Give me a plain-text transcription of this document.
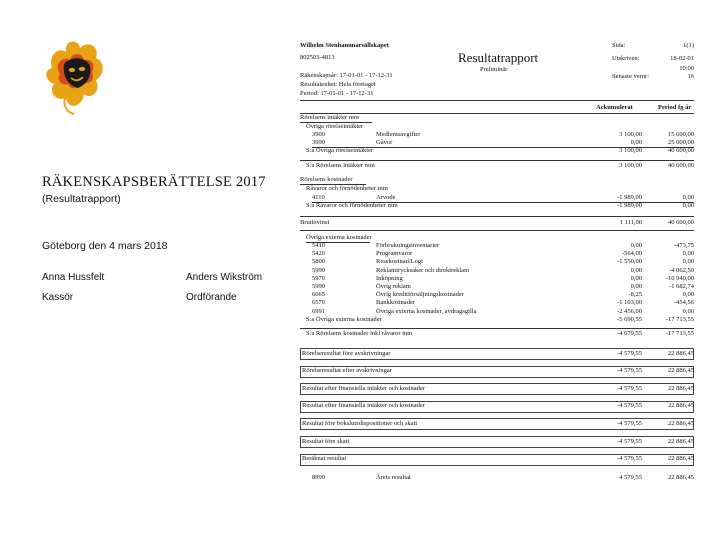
RÄKENSKAPSBERÄTTELSE 2017
(Resultatrapport)
Göteborg den 4 mars 2018
Anna Hussfelt
Kassör
Anders Wikström
Ordförande
Wilhelm Stenhammarsällskapet
802503-4813	Resultatrapport
Preliminär
Räkenskapsår: 17-01-01 - 17-12-31
Resultatenhet: Hela företaget
Period: 17-01-01 - 17-12-31
Sida:	1(1)
Utskriven:	18-02-01
10:00
Senaste vernr:	16
Ackumulerat	Period fg år
Rörelsens intäkter mm
Övriga rörelseintäkter
3900	Medlemsavgifter	3 100,00	15 600,00
3990	Gåvor	0,00	25 000,00
S:a Övriga rörelseintäkter	3 100,00	40 600,00
S:a Rörelsens intäkter mm	3 100,00	40 600,00
Rörelsens kostnader
Råvaror och förnödenheter mm
4110	Arvode	-1 989,00	0,00
S:a Råvaror och förnödenheter mm	-1 989,00	0,00
Bruttovinst	1 111,00	40 600,00
Övriga externa kostnader
5410	Förbrukningsinventarier	0,00	-473,75
5420	Programvaror	-564,00	0,00
5800	Resekostnad/Logi	-1 550,00	0,00
5990	Reklamtrycksaker och direktreklam	0,00	-4 062,50
5970	Inköpning	0,00	-10 940,00
5990	Övrig reklam	0,00	-1 682,74
6065	Övrig kreditförsäljningskostnader	-8,25	0,00
6570	Bankkostnader	-1 103,00	-454,56
6991	Övriga externa kostnader, avdragsgilla	-2 456,00	0,00
S:a Övriga externa kostnader	-5 690,55	-17 713,55
S:a Rörelsens kostnader inkl råvaror mm	-4 679,55	-17 713,55
Rörelseresultat före avskrivningar	-4 579,55	22 886,45
Rörelseresultat efter avskrivningar	-4 579,55	22 886,45
Resultat efter finansiella intäkter och kostnader	-4 579,55	22 886,45
Resultat efter finansiella intäkter och kostnader	-4 579,55	22 886,45
Resultat före bokslutsdispositioner och skatt	-4 579,55	22 886,45
Resultat före skatt	-4 579,55	22 886,45
Beräknat resultat	-4 579,55	22 886,45
8999	Årets resultat	4 579,55	22 886,45
